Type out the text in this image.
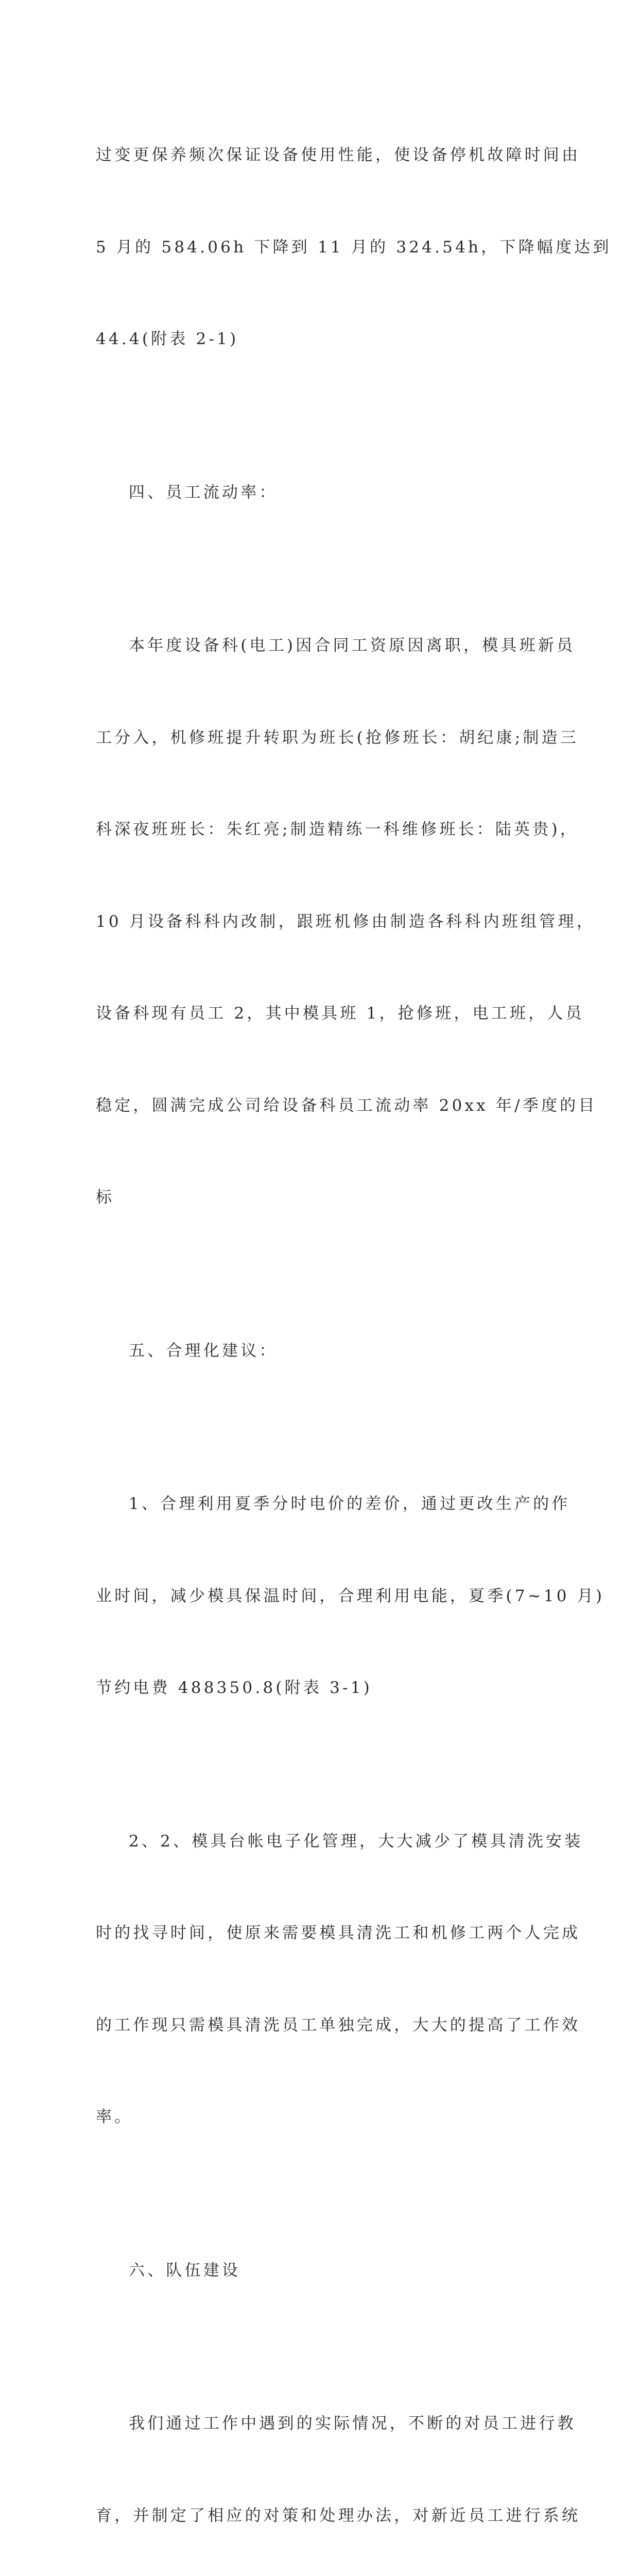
过变更保养频次保证设备使用性能，使设备停机故障时间由

5 月的 584.06h 下降到 11 月的 324.54h，下降幅度达到

44.4(附表 2-1)

四、员工流动率：

本年度设备科(电工)因合同工资原因离职，模具班新员

工分入，机修班提升转职为班长(抢修班长：胡纪康;制造三

科深夜班班长：朱红亮;制造精练一科维修班长：陆英贵)，

10 月设备科科内改制，跟班机修由制造各科科内班组管理，

设备科现有员工 2，其中模具班 1，抢修班，电工班，人员

稳定，圆满完成公司给设备科员工流动率 20xx 年/季度的目

标

五、合理化建议：

1、合理利用夏季分时电价的差价，通过更改生产的作

业时间，减少模具保温时间，合理利用电能，夏季(7~10 月)

节约电费 488350.8(附表 3-1)

2、2、模具台帐电子化管理，大大减少了模具清洗安装

时的找寻时间，使原来需要模具清洗工和机修工两个人完成

的工作现只需模具清洗员工单独完成，大大的提高了工作效

率。

六、队伍建设

我们通过工作中遇到的实际情况，不断的对员工进行教

育，并制定了相应的对策和处理办法，对新近员工进行系统
